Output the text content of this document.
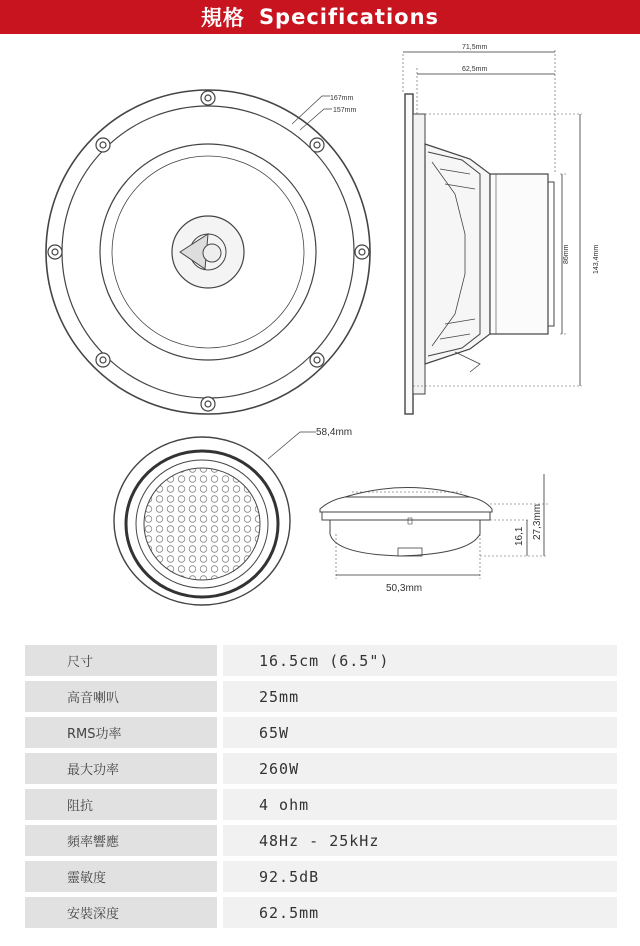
規格 Specifications
167mm
157mm
71,5mm
62,5mm
86mm	143,4mm
58,4mm
50,3mm
16,1 27,3mm
尺寸		16.5cm (6.5")
高音喇叭		25mm
RMS功率		65W
最大功率		260W
阻抗		4 ohm
頻率響應		48Hz - 25kHz
靈敏度		92.5dB
安裝深度		62.5mm
